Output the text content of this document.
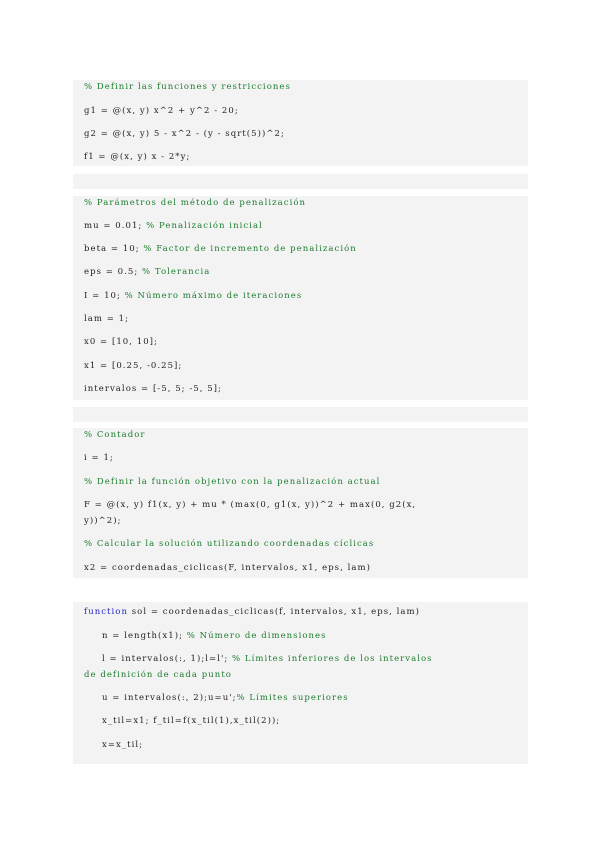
% Definir las funciones y restricciones
g1 = @(x, y) x^2 + y^2 - 20;
g2 = @(x, y) 5 - x^2 - (y - sqrt(5))^2;
f1 = @(x, y) x - 2*y;
% Parámetros del método de penalización
mu = 0.01; % Penalización inicial
beta = 10; % Factor de incremento de penalización
eps = 0.5; % Tolerancia
I = 10; % Número máximo de iteraciones
lam = 1;
x0 = [10, 10];
x1 = [0.25, -0.25];
intervalos = [-5, 5; -5, 5];
% Contador
i = 1;
% Definir la función objetivo con la penalización actual
F = @(x, y) f1(x, y) + mu * (max(0, g1(x, y))^2 + max(0, g2(x,
y))^2);
% Calcular la solución utilizando coordenadas cíclicas
x2 = coordenadas_ciclicas(F, intervalos, x1, eps, lam)
function sol = coordenadas_ciclicas(f, intervalos, x1, eps, lam)
n = length(x1); % Número de dimensiones
l = intervalos(:, 1);l=l'; % Límites inferiores de los intervalos
de definición de cada punto
u = intervalos(:, 2);u=u';% Límites superiores
x_til=x1; f_til=f(x_til(1),x_til(2));
x=x_til;
